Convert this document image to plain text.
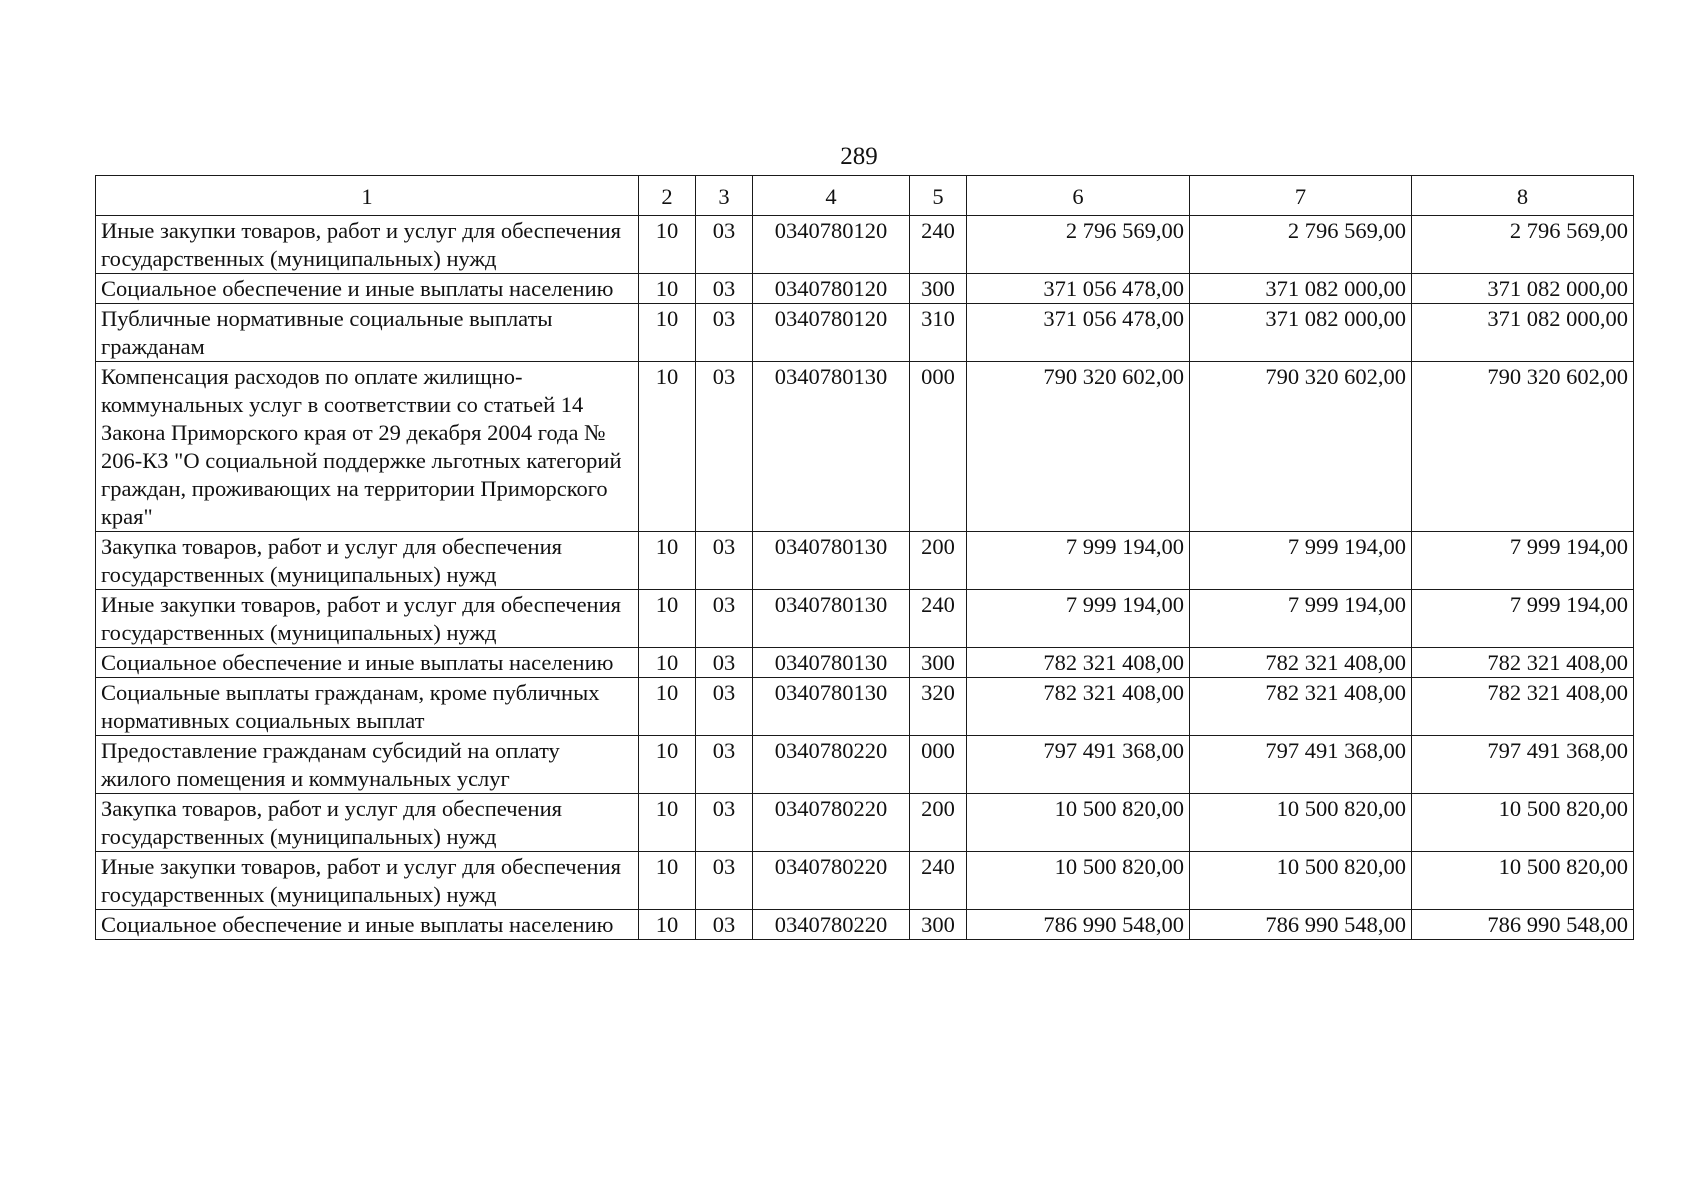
289
1	2	3	4	5	6	7	8
Иные закупки товаров, работ и услуг для обеспечения государственных (муниципальных) нужд	10	03	0340780120	240	2 796 569,00	2 796 569,00	2 796 569,00
Социальное обеспечение и иные выплаты населению	10	03	0340780120	300	371 056 478,00	371 082 000,00	371 082 000,00
Публичные нормативные социальные выплаты гражданам	10	03	0340780120	310	371 056 478,00	371 082 000,00	371 082 000,00
Компенсация расходов по оплате жилищно-коммунальных услуг в соответствии со статьей 14 Закона Приморского края от 29 декабря 2004 года № 206-КЗ "О социальной поддержке льготных категорий граждан, проживающих на территории Приморского края"	10	03	0340780130	000	790 320 602,00	790 320 602,00	790 320 602,00
Закупка товаров, работ и услуг для обеспечения государственных (муниципальных) нужд	10	03	0340780130	200	7 999 194,00	7 999 194,00	7 999 194,00
Иные закупки товаров, работ и услуг для обеспечения государственных (муниципальных) нужд	10	03	0340780130	240	7 999 194,00	7 999 194,00	7 999 194,00
Социальное обеспечение и иные выплаты населению	10	03	0340780130	300	782 321 408,00	782 321 408,00	782 321 408,00
Социальные выплаты гражданам, кроме публичных нормативных социальных выплат	10	03	0340780130	320	782 321 408,00	782 321 408,00	782 321 408,00
Предоставление гражданам субсидий на оплату жилого помещения и коммунальных услуг	10	03	0340780220	000	797 491 368,00	797 491 368,00	797 491 368,00
Закупка товаров, работ и услуг для обеспечения государственных (муниципальных) нужд	10	03	0340780220	200	10 500 820,00	10 500 820,00	10 500 820,00
Иные закупки товаров, работ и услуг для обеспечения государственных (муниципальных) нужд	10	03	0340780220	240	10 500 820,00	10 500 820,00	10 500 820,00
Социальное обеспечение и иные выплаты населению	10	03	0340780220	300	786 990 548,00	786 990 548,00	786 990 548,00
